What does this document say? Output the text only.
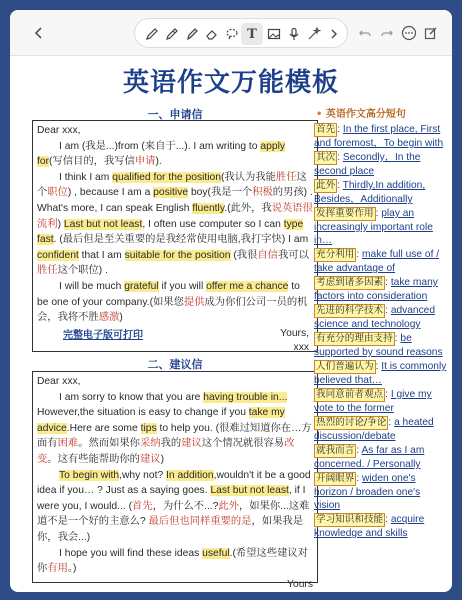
T
英语作文万能模板
一、申请信

Dear xxx,

I am (我是...)from (来自于...). I am writing to apply for(写信目的，我写信申请).

I think I am qualified for the position(我认为我能胜任这个职位) , because I am a positive boy(我是一个积极的男孩) . What's more, I can speak English fluently.(此外，我说英语很流利) Last but not least, I often use computer so I can type fast. (最后但是至关重要的是我经常使用电脑,我打字快) I am confident that I am suitable for the position (我很自信我可以胜任这个职位) .

I will be much grateful if you will offer me a chance to be one of your company.(如果您提供成为你们公司一员的机会，我将不胜感激)

完整电子版可打印	Yours,
xxx
二、建议信

Dear xxx,

I am sorry to know that you are having trouble in... However,the situation is easy to change if you take my advice.Here are some tips to help you. (很难过知道你在…方面有困难。然而如果你采纳我的建议这个情况就很容易改变。这有些能帮助你的建议)

To begin with,why not? In addition,wouldn't it be a good idea if you… ? Just as a saying goes. Last but not least, if I were you, I would... (首先，为什么不...?此外，如果你...这难道不是一个好的主意么? 最后但也同样重要的是，如果我是你，我会...)

I hope you will find these ideas useful.(希望这些建议对你有用。)

Yours

• 英语作文高分短句
首先 : In the first place, First and foremost，To begin with
其次 : Secondly，In the second place
此外 : Thirdly,In addition, Besides，Additionally
发挥重要作用 : play an increasingly important role in…
充分利用 : make full use of / take advantage of
考虑到诸多因素 : take many factors into consideration
先进的科学技术 : advanced science and technology
有充分的理由支持 : be supported by sound reasons
人们普遍认为 : It is commonly believed that…
我同意前者观点 : I give my vote to the former
热烈的讨论/争论 : a heated discussion/debate
就我而言 : As far as I am concerned. / Personally
开阔眼界 : widen one's horizon / broaden one's vision
学习知识和技能 : acquire knowledge and skills
